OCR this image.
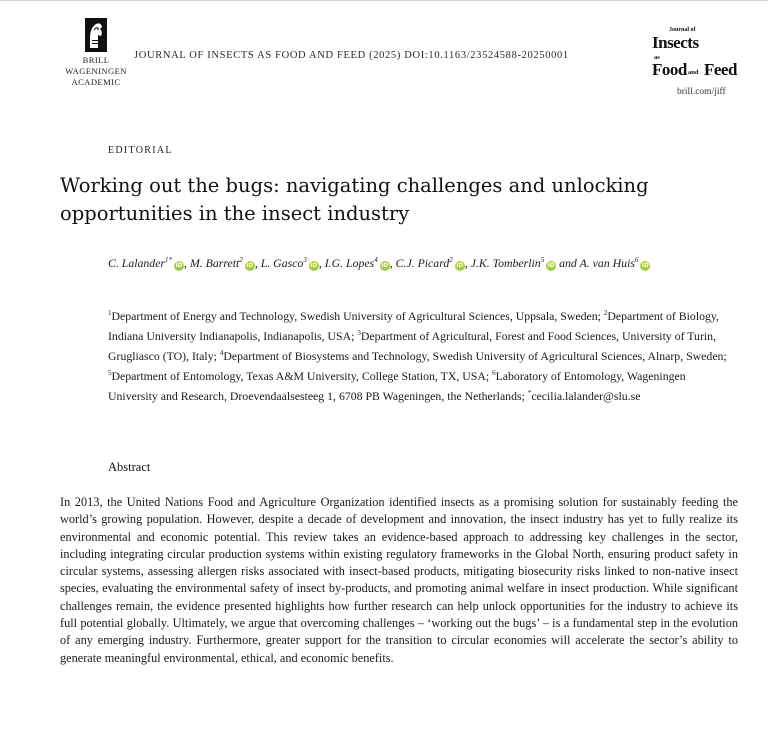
BRILL
WAGENINGEN
ACADEMIC
JOURNAL OF INSECTS AS FOOD AND FEED (2025) DOI:10.1163/23524588-20250001
Journal of
Insects
as
Food and Feed
brill.com/jiff
EDITORIAL
Working out the bugs: navigating challenges and unlocking opportunities in the insect industry
C. Lalander$^{1*}$iD , M. Barrett$^2$iD , L. Gasco$^3$iD , I.G. Lopes$^4$iD , C.J. Picard$^2$iD , J.K. Tomberlin$^5$iD and A. van Huis$^6$iD
$^1$Department of Energy and Technology, Swedish University of Agricultural Sciences, Uppsala, Sweden; $^2$Department of Biology, Indiana University Indianapolis, Indianapolis, USA; $^3$Department of Agricultural, Forest and Food Sciences, University of Turin, Grugliasco (TO), Italy; $^4$Department of Biosystems and Technology, Swedish University of Agricultural Sciences, Alnarp, Sweden; $^5$Department of Entomology, Texas A&M University, College Station, TX, USA; $^6$Laboratory of Entomology, Wageningen University and Research, Droevendaalsesteeg 1, 6708 PB Wageningen, the Netherlands; *cecilia.lalander@slu.se
Abstract

In 2013, the United Nations Food and Agriculture Organization identified insects as a promising solution for sustainably feeding the world’s growing population. However, despite a decade of development and innovation, the insect industry has yet to fully realize its environmental and economic potential. This review takes an evidence-based approach to addressing key challenges in the sector, including integrating circular production systems within existing regulatory frameworks in the Global North, ensuring product safety in circular systems, assessing allergen risks associated with insect-based products, mitigating biosecurity risks linked to non-native insect species, evaluating the environmental safety of insect by-products, and promoting animal welfare in insect production. While significant challenges remain, the evidence presented highlights how further research can help unlock opportunities for the industry to achieve its full potential globally. Ultimately, we argue that overcoming challenges – ‘working out the bugs’ – is a fundamental step in the evolution of any emerging industry. Furthermore, greater support for the transition to circular economies will accelerate the sector’s ability to generate meaningful environmental, ethical, and economic benefits.
